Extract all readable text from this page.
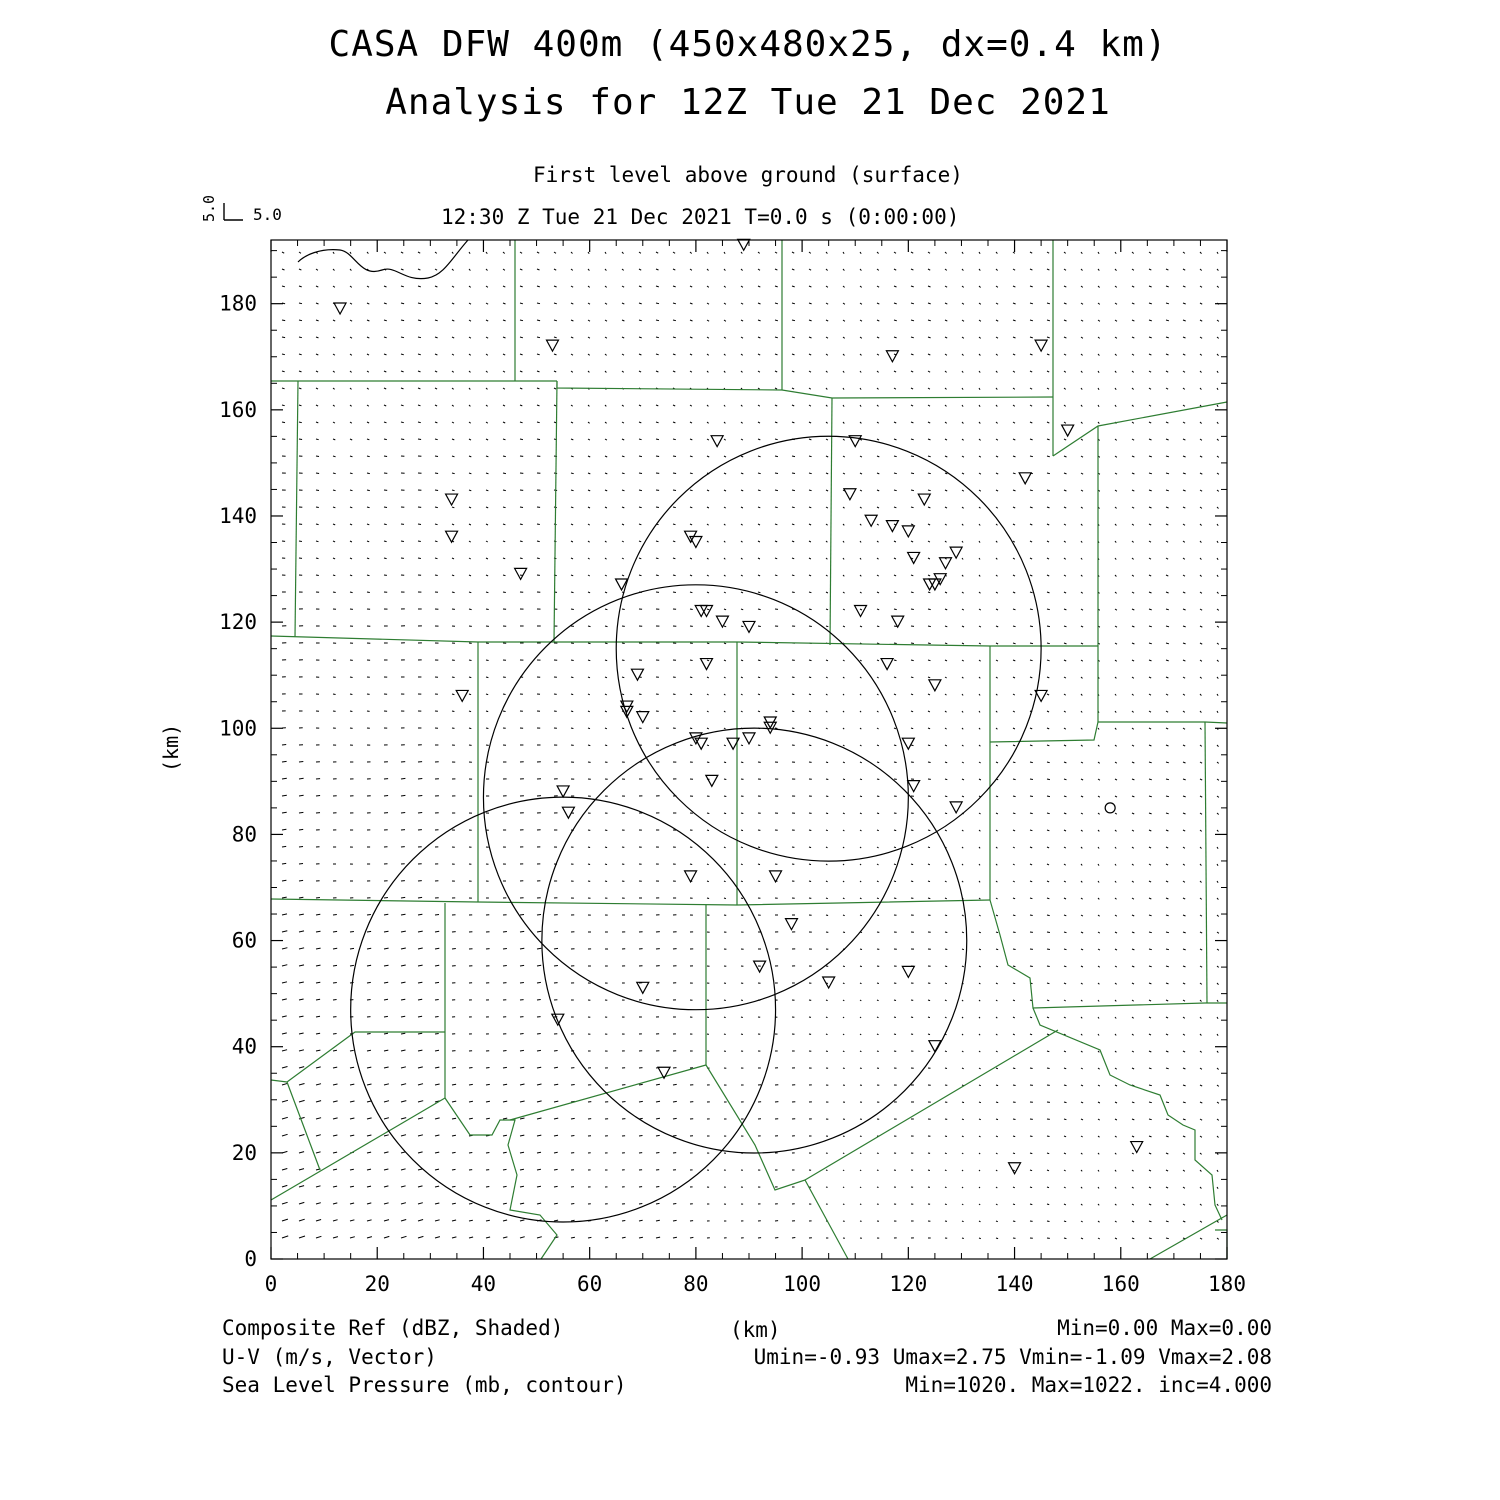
CASA DFW 400m (450x480x25, dx=0.4 km)
Analysis for 12Z Tue 21 Dec 2021
First level above ground (surface)
12:30 Z Tue 21 Dec 2021 T=0.0 s (0:00:00)
0	20	40	60	80	100	120	140	160	180
0
20
40
60
80
100
120
140
160
180
5.0 5.0
(km)
Composite Ref (dBZ, Shaded)	(km)	Min=0.00 Max=0.00
U-V (m/s, Vector)	Umin=-0.93 Umax=2.75 Vmin=-1.09 Vmax=2.08
Sea Level Pressure (mb, contour)	Min=1020. Max=1022. inc=4.000
